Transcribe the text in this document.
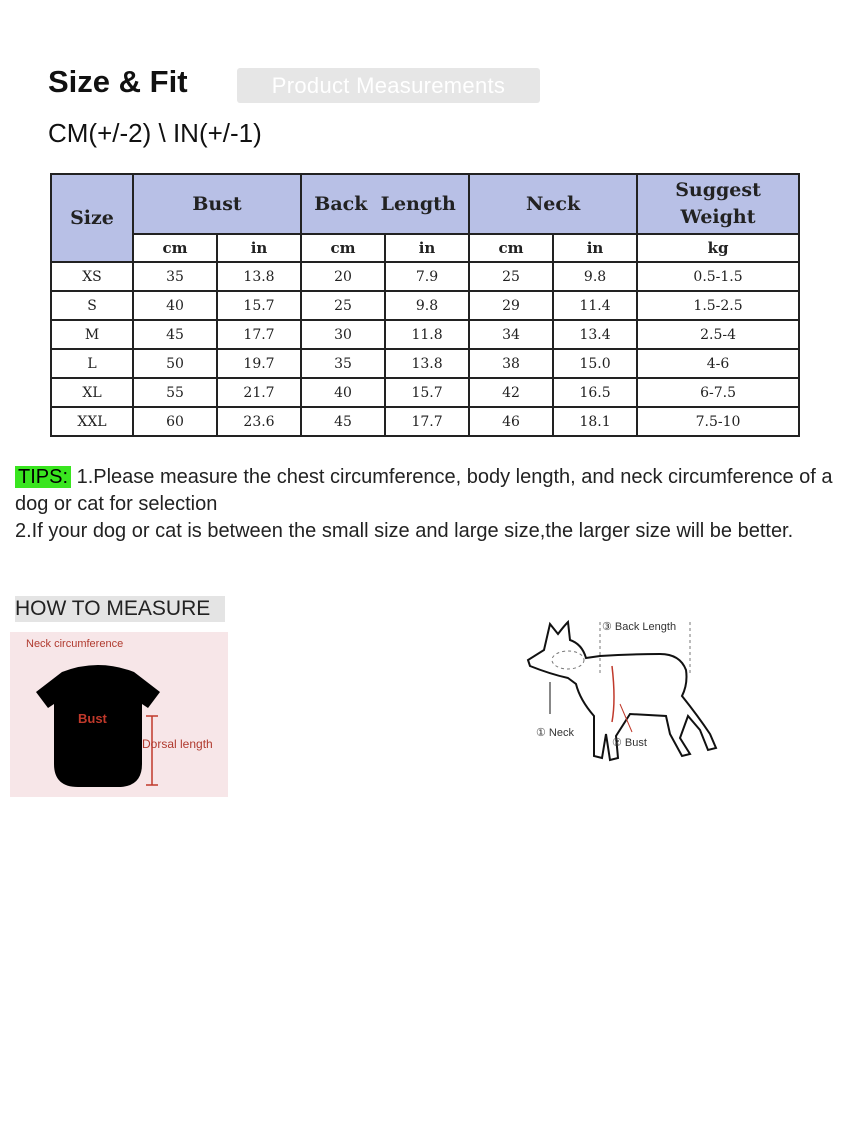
Size & Fit	Product Measurements
CM(+/-2) \ IN(+/-1)
Size	Bust		Back  Length		Neck		Suggest
Weight
	cm	in	cm	in	cm	in	kg
XS	35	13.8	20	7.9	25	9.8	0.5-1.5
S	40	15.7	25	9.8	29	11.4	1.5-2.5
M	45	17.7	30	11.8	34	13.4	2.5-4
L	50	19.7	35	13.8	38	15.0	4-6
XL	55	21.7	40	15.7	42	16.5	6-7.5
XXL	60	23.6	45	17.7	46	18.1	7.5-10
TIPS: 1.Please measure the chest circumference, body length, and neck circumference of a dog or cat for selection
2.If your dog or cat is between the small size and large size,the larger size will be better.
HOW TO MEASURE
Neck circumference
Bust
Dorsal length
③ Back Length
① Neck
② Bust
